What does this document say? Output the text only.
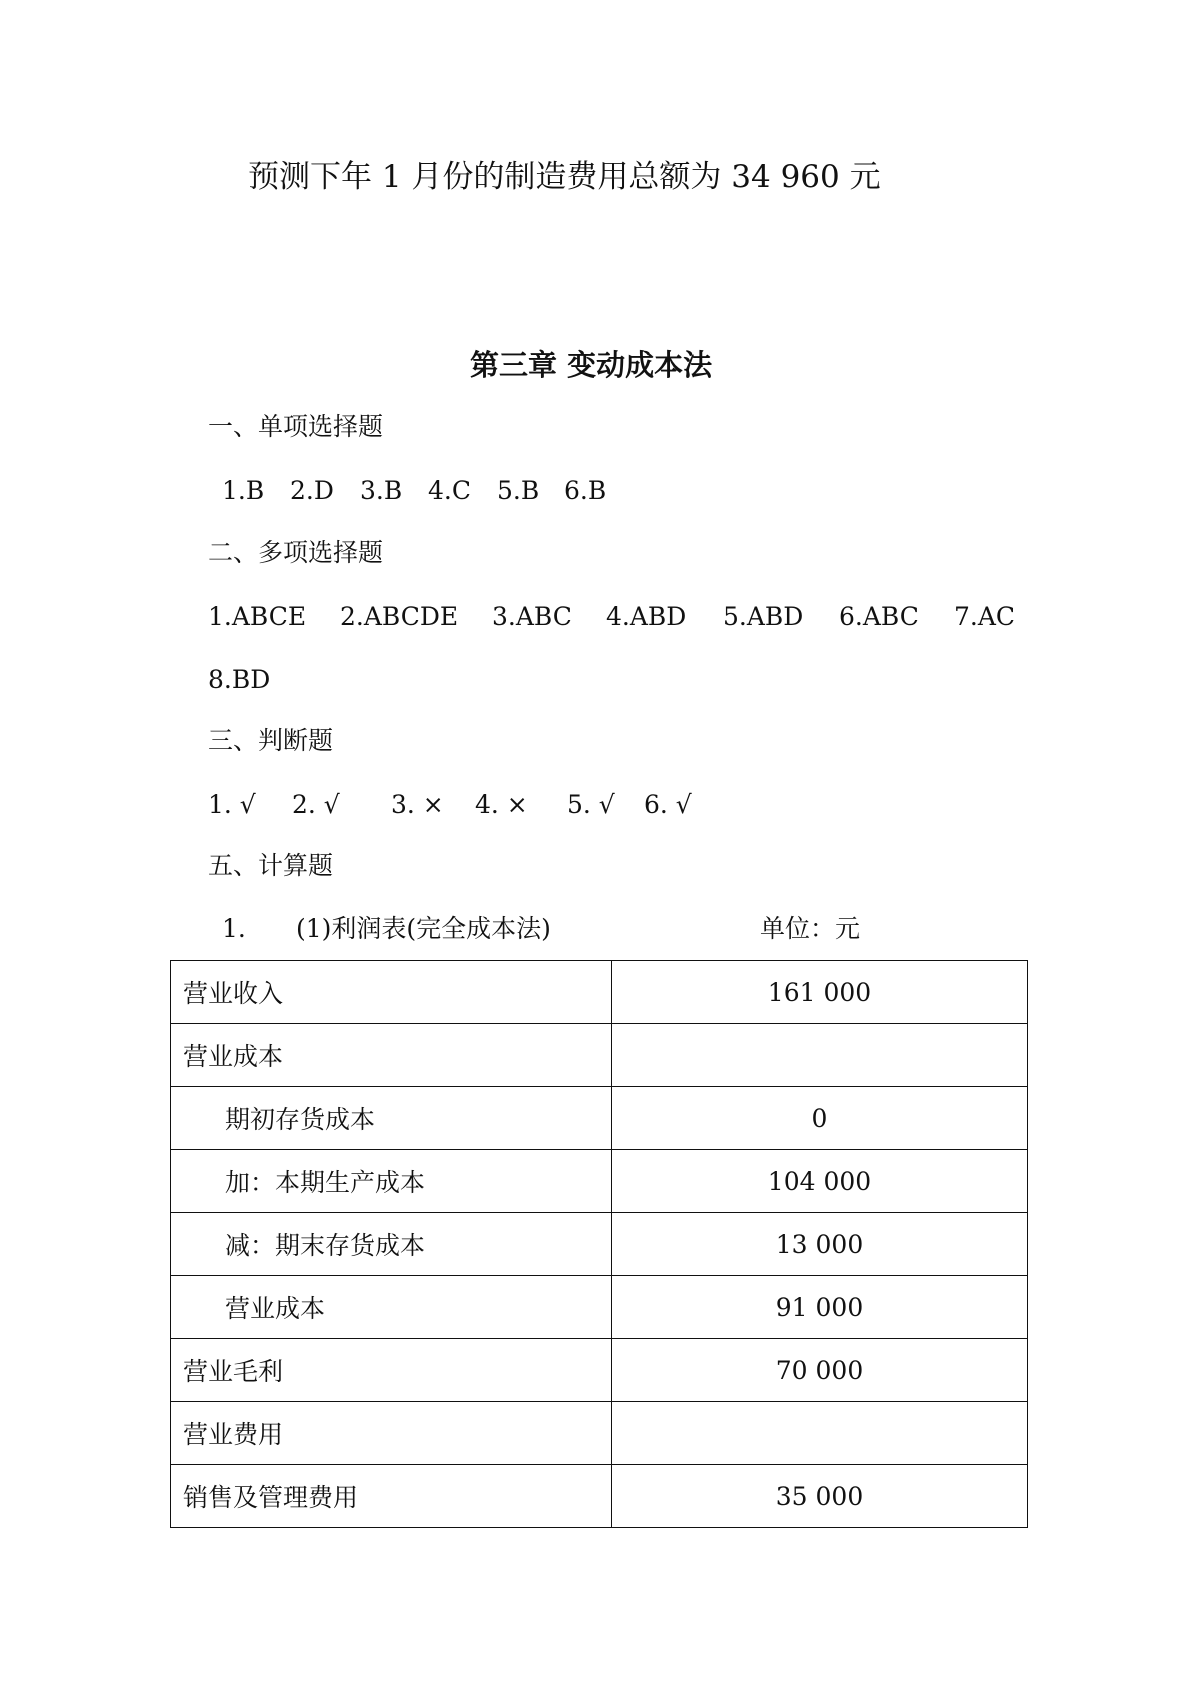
预测下年 1 月份的制造费用总额为 34 960 元
第三章 变动成本法
一、单项选择题
1.B 2.D 3.B 4.C 5.B 6.B
二、多项选择题
1.ABCE 2.ABCDE 3.ABC 4.ABD 5.ABD 6.ABC 7.AC
8.BD
三、判断题
1. √ 2. √ 3. × 4. × 5. √ 6. √
五、计算题
1. (1)利润表(完全成本法)	单位：元
营业收入	161 000
营业成本	
期初存货成本	0
加：本期生产成本	104 000
减：期末存货成本	13 000
营业成本	91 000
营业毛利	70 000
营业费用	
销售及管理费用	35 000
